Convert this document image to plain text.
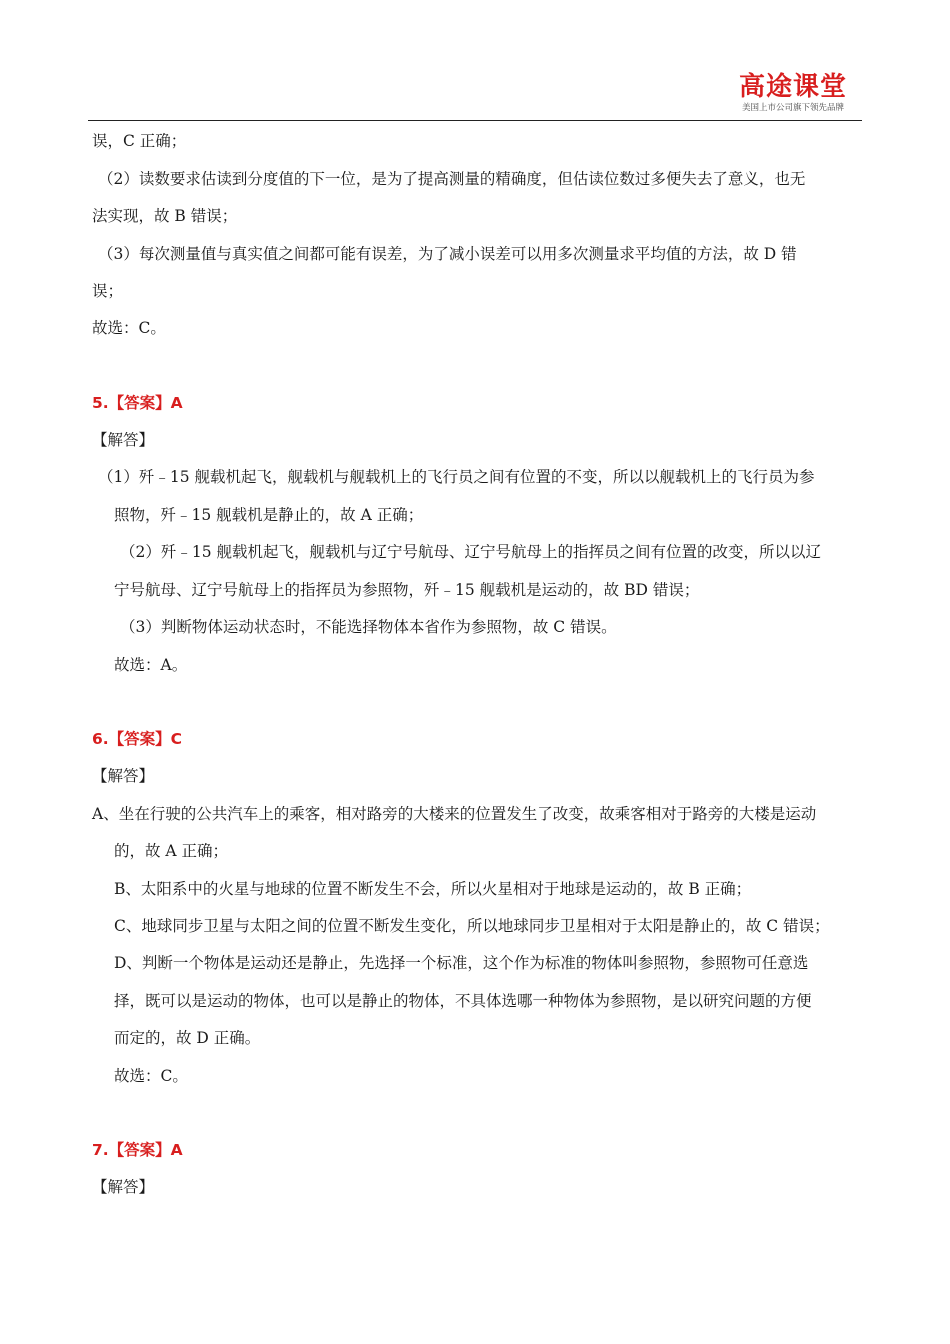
高途课堂
美国上市公司旗下领先品牌
误，C 正确；
（2）读数要求估读到分度值的下一位，是为了提高测量的精确度，但估读位数过多便失去了意义，也无
法实现，故 B 错误；
（3）每次测量值与真实值之间都可能有误差，为了减小误差可以用多次测量求平均值的方法，故 D 错
误；
故选：C。
5.【答案】A
【解答】
（1）歼﹣15 舰载机起飞，舰载机与舰载机上的飞行员之间有位置的不变，所以以舰载机上的飞行员为参
照物，歼﹣15 舰载机是静止的，故 A 正确；
（2）歼﹣15 舰载机起飞，舰载机与辽宁号航母、辽宁号航母上的指挥员之间有位置的改变，所以以辽
宁号航母、辽宁号航母上的指挥员为参照物，歼﹣15 舰载机是运动的，故 BD 错误；
（3）判断物体运动状态时，不能选择物体本省作为参照物，故 C 错误。
故选：A。
6.【答案】C
【解答】
A、坐在行驶的公共汽车上的乘客，相对路旁的大楼来的位置发生了改变，故乘客相对于路旁的大楼是运动
的，故 A 正确；
B、太阳系中的火星与地球的位置不断发生不会，所以火星相对于地球是运动的，故 B 正确；
C、地球同步卫星与太阳之间的位置不断发生变化，所以地球同步卫星相对于太阳是静止的，故 C 错误；
D、判断一个物体是运动还是静止，先选择一个标准，这个作为标准的物体叫参照物，参照物可任意选
择，既可以是运动的物体，也可以是静止的物体，不具体选哪一种物体为参照物，是以研究问题的方便
而定的，故 D 正确。
故选：C。
7.【答案】A
【解答】
